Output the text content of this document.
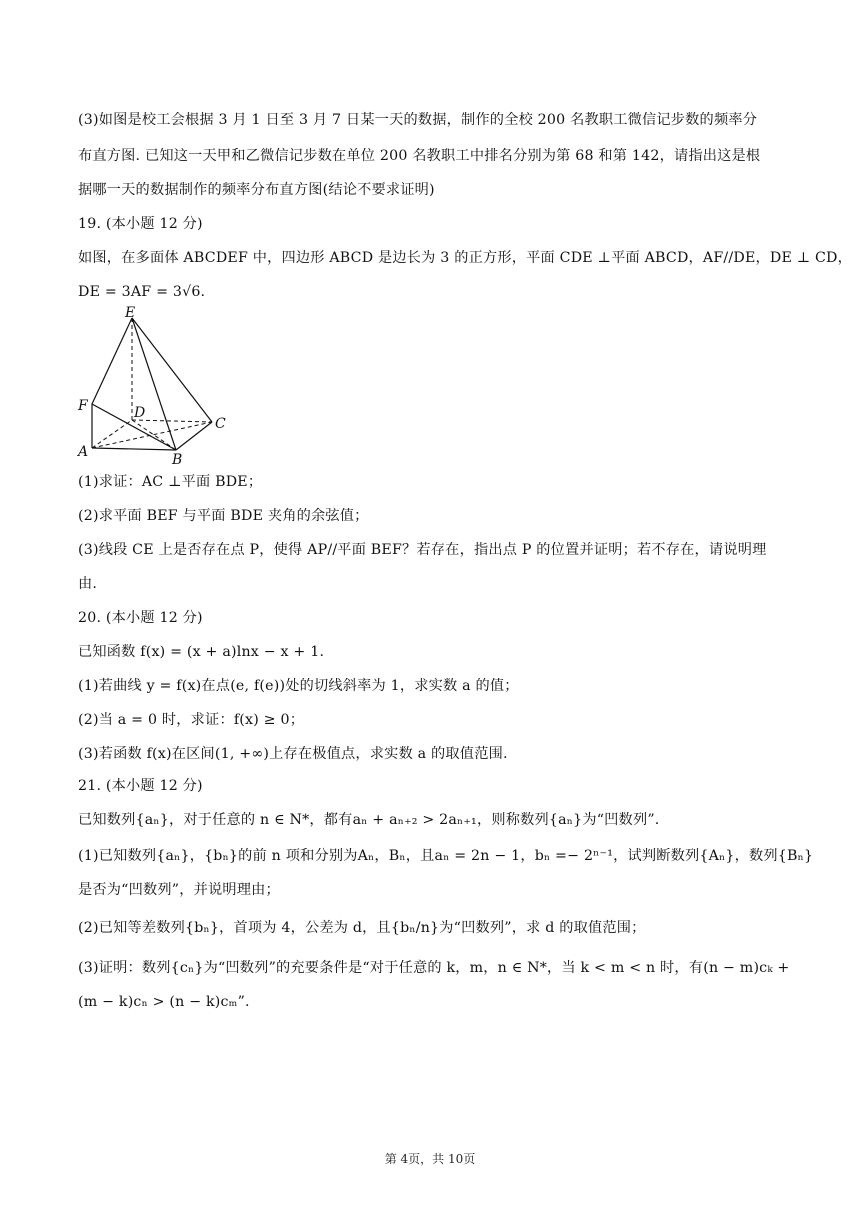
(3)如图是校工会根据 3 月 1 日至 3 月 7 日某一天的数据，制作的全校 200 名教职工微信记步数的频率分
布直方图. 已知这一天甲和乙微信记步数在单位 200 名教职工中排名分别为第 68 和第 142，请指出这是根
据哪一天的数据制作的频率分布直方图(结论不要求证明)
19. (本小题 12 分)
如图，在多面体 ABCDEF 中，四边形 ABCD 是边长为 3 的正方形，平面 CDE ⊥平面 ABCD，AF//DE，DE ⊥ CD，
DE = 3AF = 3√6.
E
F	D
C
A	B
(1)求证：AC ⊥平面 BDE；
(2)求平面 BEF 与平面 BDE 夹角的余弦值；
(3)线段 CE 上是否存在点 P，使得 AP//平面 BEF？若存在，指出点 P 的位置并证明；若不存在，请说明理
由.
20. (本小题 12 分)
已知函数 f(x) = (x + a)lnx − x + 1.
(1)若曲线 y = f(x)在点(e, f(e))处的切线斜率为 1，求实数 a 的值；
(2)当 a = 0 时，求证：f(x) ≥ 0；
(3)若函数 f(x)在区间(1, +∞)上存在极值点，求实数 a 的取值范围.
21. (本小题 12 分)
已知数列{aₙ}，对于任意的 n ∈ N*，都有aₙ + aₙ₊₂ > 2aₙ₊₁，则称数列{aₙ}为“凹数列”.
(1)已知数列{aₙ}，{bₙ}的前 n 项和分别为Aₙ，Bₙ，且aₙ = 2n − 1，bₙ =− 2ⁿ⁻¹，试判断数列{Aₙ}，数列{Bₙ}
是否为“凹数列”，并说明理由；
(2)已知等差数列{bₙ}，首项为 4，公差为 d，且{bₙ/n}为“凹数列”，求 d 的取值范围；
(3)证明：数列{cₙ}为“凹数列”的充要条件是“对于任意的 k，m，n ∈ N*，当 k < m < n 时，有(n − m)cₖ +
(m − k)cₙ > (n − k)cₘ”.
第 4页，共 10页
